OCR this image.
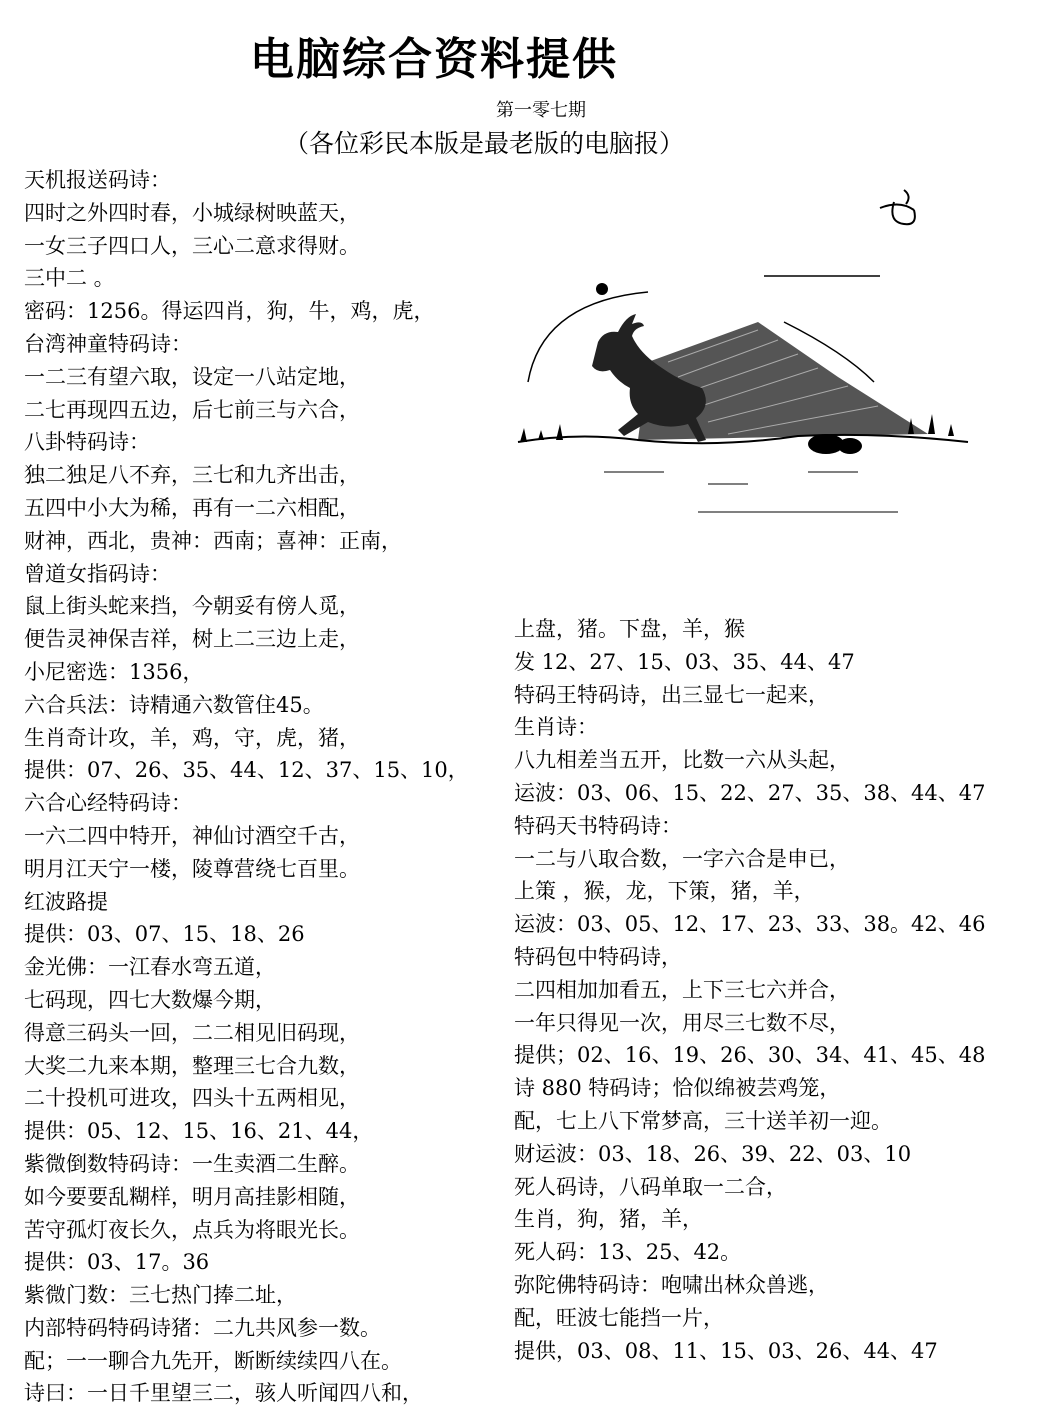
电脑综合资料提供
第一零七期
（各位彩民本版是最老版的电脑报）
天机报送码诗：
四时之外四时春，小城绿树映蓝天，
一女三子四口人，三心二意求得财。
三中二 。
密码：1256。得运四肖，狗，牛，鸡，虎，
台湾神童特码诗：
一二三有望六取，设定一八站定地，
二七再现四五边，后七前三与六合，
八卦特码诗：
独二独足八不弃，三七和九齐出击，
五四中小大为稀，再有一二六相配，
财神，西北，贵神：西南；喜神：正南，
曾道女指码诗：
鼠上街头蛇来挡，今朝妥有傍人觅，
便告灵神保吉祥，树上二三边上走，
小尼密选：1356，
六合兵法：诗精通六数管住45。
生肖奇计攻，羊，鸡，守，虎，猪，
提供：07、26、35、44、12、37、15、10，
六合心经特码诗：
一六二四中特开，神仙讨酒空千古，
明月江天宁一楼，陵尊营绕七百里。
红波路提
提供：03、07、15、18、26
金光佛：一江春水弯五道，
七码现，四七大数爆今期，
得意三码头一回，二二相见旧码现，
大奖二九来本期，整理三七合九数，
二十投机可进攻，四头十五两相见，
提供：05、12、15、16、21、44，
紫微倒数特码诗：一生卖酒二生醉。
如今要要乱糊样，明月高挂影相随，
苦守孤灯夜长久，点兵为将眼光长。
提供：03、17。36
紫微门数：三七热门捧二址，
内部特码特码诗猪：二九共风参一数。
配；一一聊合九先开，断断续续四八在。
诗曰：一日千里望三二，骇人听闻四八和，
上盘，猪。下盘，羊，猴
发 12、27、15、03、35、44、47
特码王特码诗，出三显七一起来，
生肖诗：
八九相差当五开，比数一六从头起，
运波：03、06、15、22、27、35、38、44、47
特码天书特码诗：
一二与八取合数，一字六合是申已，
上策 ，猴，龙，下策，猪，羊，
运波：03、05、12、17、23、33、38。42、46
特码包中特码诗，
二四相加加看五，上下三七六并合，
一年只得见一次，用尽三七数不尽，
提供；02、16、19、26、30、34、41、45、48
诗 880 特码诗；恰似绵被芸鸡笼，
配，七上八下常梦高，三十送羊初一迎。
财运波：03、18、26、39、22、03、10
死人码诗，八码单取一二合，
生肖，狗，猪，羊，
死人码：13、25、42。
弥陀佛特码诗：咆啸出林众兽逃，
配，旺波七能挡一片，
提供，03、08、11、15、03、26、44、47
